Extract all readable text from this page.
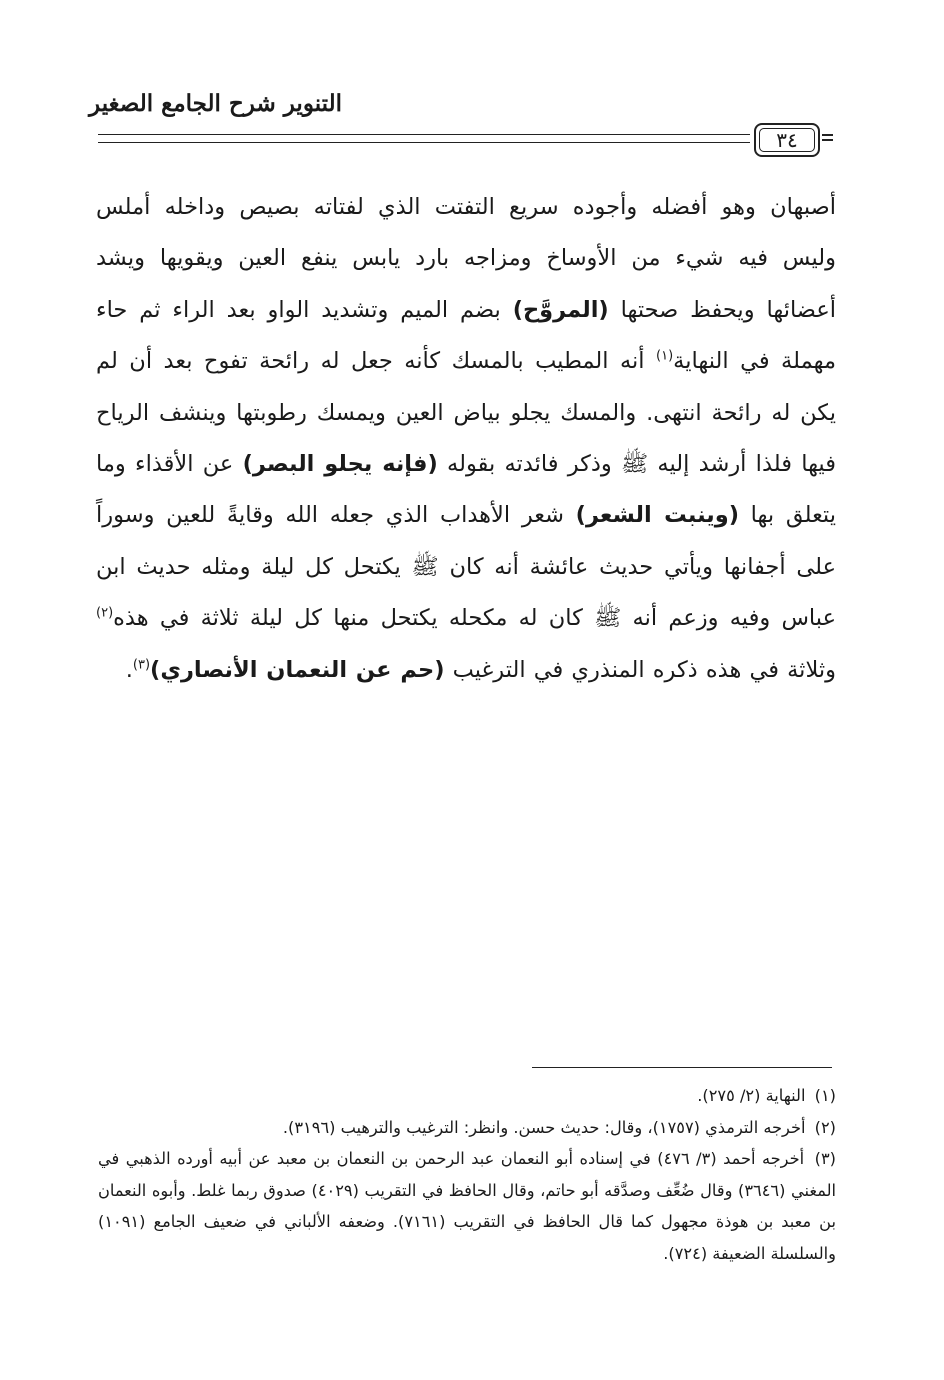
التنوير شرح الجامع الصغير
٣٤
أصبهان وهو أفضله وأجوده سريع التفتت الذي لفتاته بصيص وداخله أملس وليس فيه شيء من الأوساخ ومزاجه بارد يابس ينفع العين ويقويها ويشد أعضائها ويحفظ صحتها (المروَّح) بضم الميم وتشديد الواو بعد الراء ثم حاء مهملة في النهاية$^{(١)}$ أنه المطيب بالمسك كأنه جعل له رائحة تفوح بعد أن لم يكن له رائحة انتهى. والمسك يجلو بياض العين ويمسك رطوبتها وينشف الرياح فيها فلذا أرشد إليه ﷺ وذكر فائدته بقوله (فإنه يجلو البصر) عن الأقذاء وما يتعلق بها (وينبت الشعر) شعر الأهداب الذي جعله الله وقايةً للعين وسوراً على أجفانها ويأتي حديث عائشة أنه كان ﷺ يكتحل كل ليلة ومثله حديث ابن عباس وفيه وزعم أنه ﷺ كان له مكحله يكتحل منها كل ليلة ثلاثة في هذه$^{(٢)}$ وثلاثة في هذه ذكره المنذري في الترغيب (حم عن النعمان الأنصاري)$^{(٣)}$.

(١) النهاية (٢/ ٢٧٥).

(٢) أخرجه الترمذي (١٧٥٧)، وقال: حديث حسن. وانظر: الترغيب والترهيب (٣١٩٦).

(٣) أخرجه أحمد (٣/ ٤٧٦) في إسناده أبو النعمان عبد الرحمن بن النعمان بن معبد عن أبيه أورده الذهبي في المغني (٣٦٤٦) وقال ضُعِّف وصدَّقه أبو حاتم، وقال الحافظ في التقريب (٤٠٢٩) صدوق ربما غلط. وأبوه النعمان بن معبد بن هوذة مجهول كما قال الحافظ في التقريب (٧١٦١). وضعفه الألباني في ضعيف الجامع (١٠٩١) والسلسلة الضعيفة (٧٢٤).
